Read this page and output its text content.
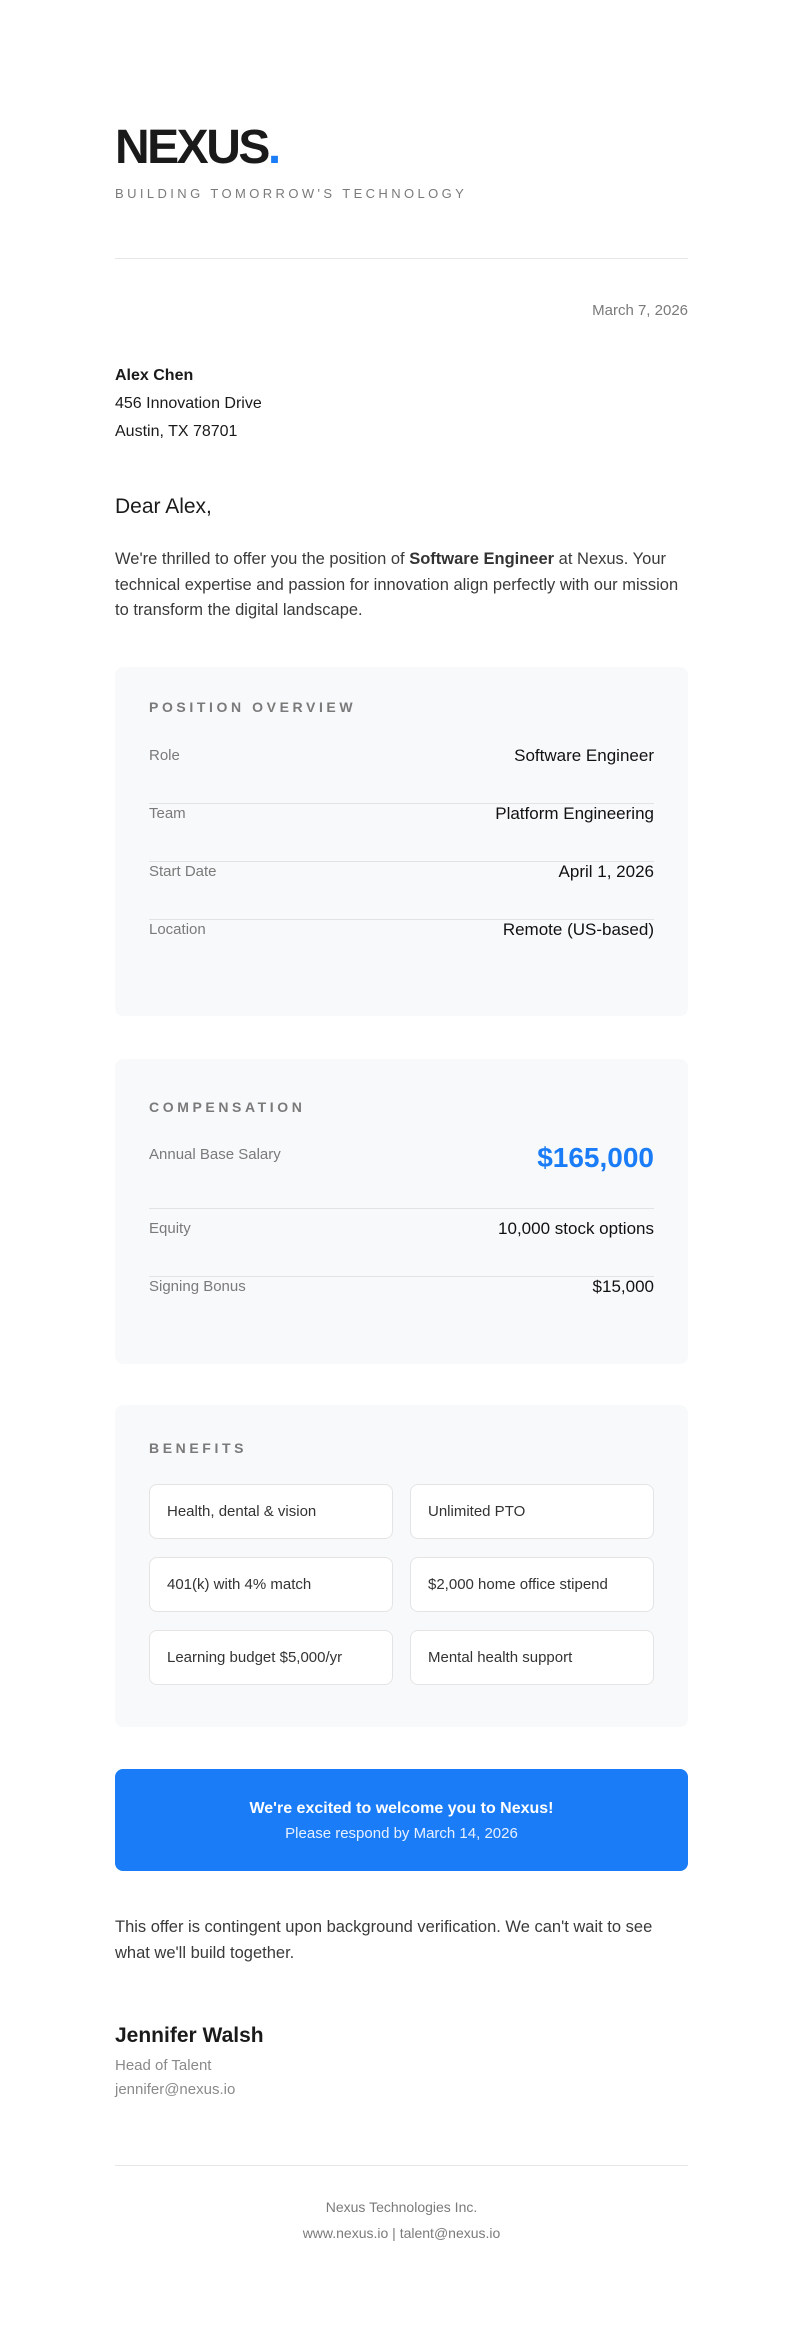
NEXUS.
BUILDING TOMORROW'S TECHNOLOGY
March 7, 2026
Alex Chen
456 Innovation Drive
Austin, TX 78701
Dear Alex,
We're thrilled to offer you the position of Software Engineer at Nexus. Your technical expertise and passion for innovation align perfectly with our mission to transform the digital landscape.
POSITION OVERVIEW
Role	Software Engineer
Team	Platform Engineering
Start Date	April 1, 2026
Location	Remote (US-based)
COMPENSATION
Annual Base Salary	$165,000
Equity	10,000 stock options
Signing Bonus	$15,000
BENEFITS
Health, dental & vision	Unlimited PTO
401(k) with 4% match	$2,000 home office stipend
Learning budget $5,000/yr	Mental health support
We're excited to welcome you to Nexus!
Please respond by March 14, 2026
This offer is contingent upon background verification. We can't wait to see what we'll build together.
Jennifer Walsh
Head of Talent
jennifer@nexus.io
Nexus Technologies Inc.
www.nexus.io | talent@nexus.io
